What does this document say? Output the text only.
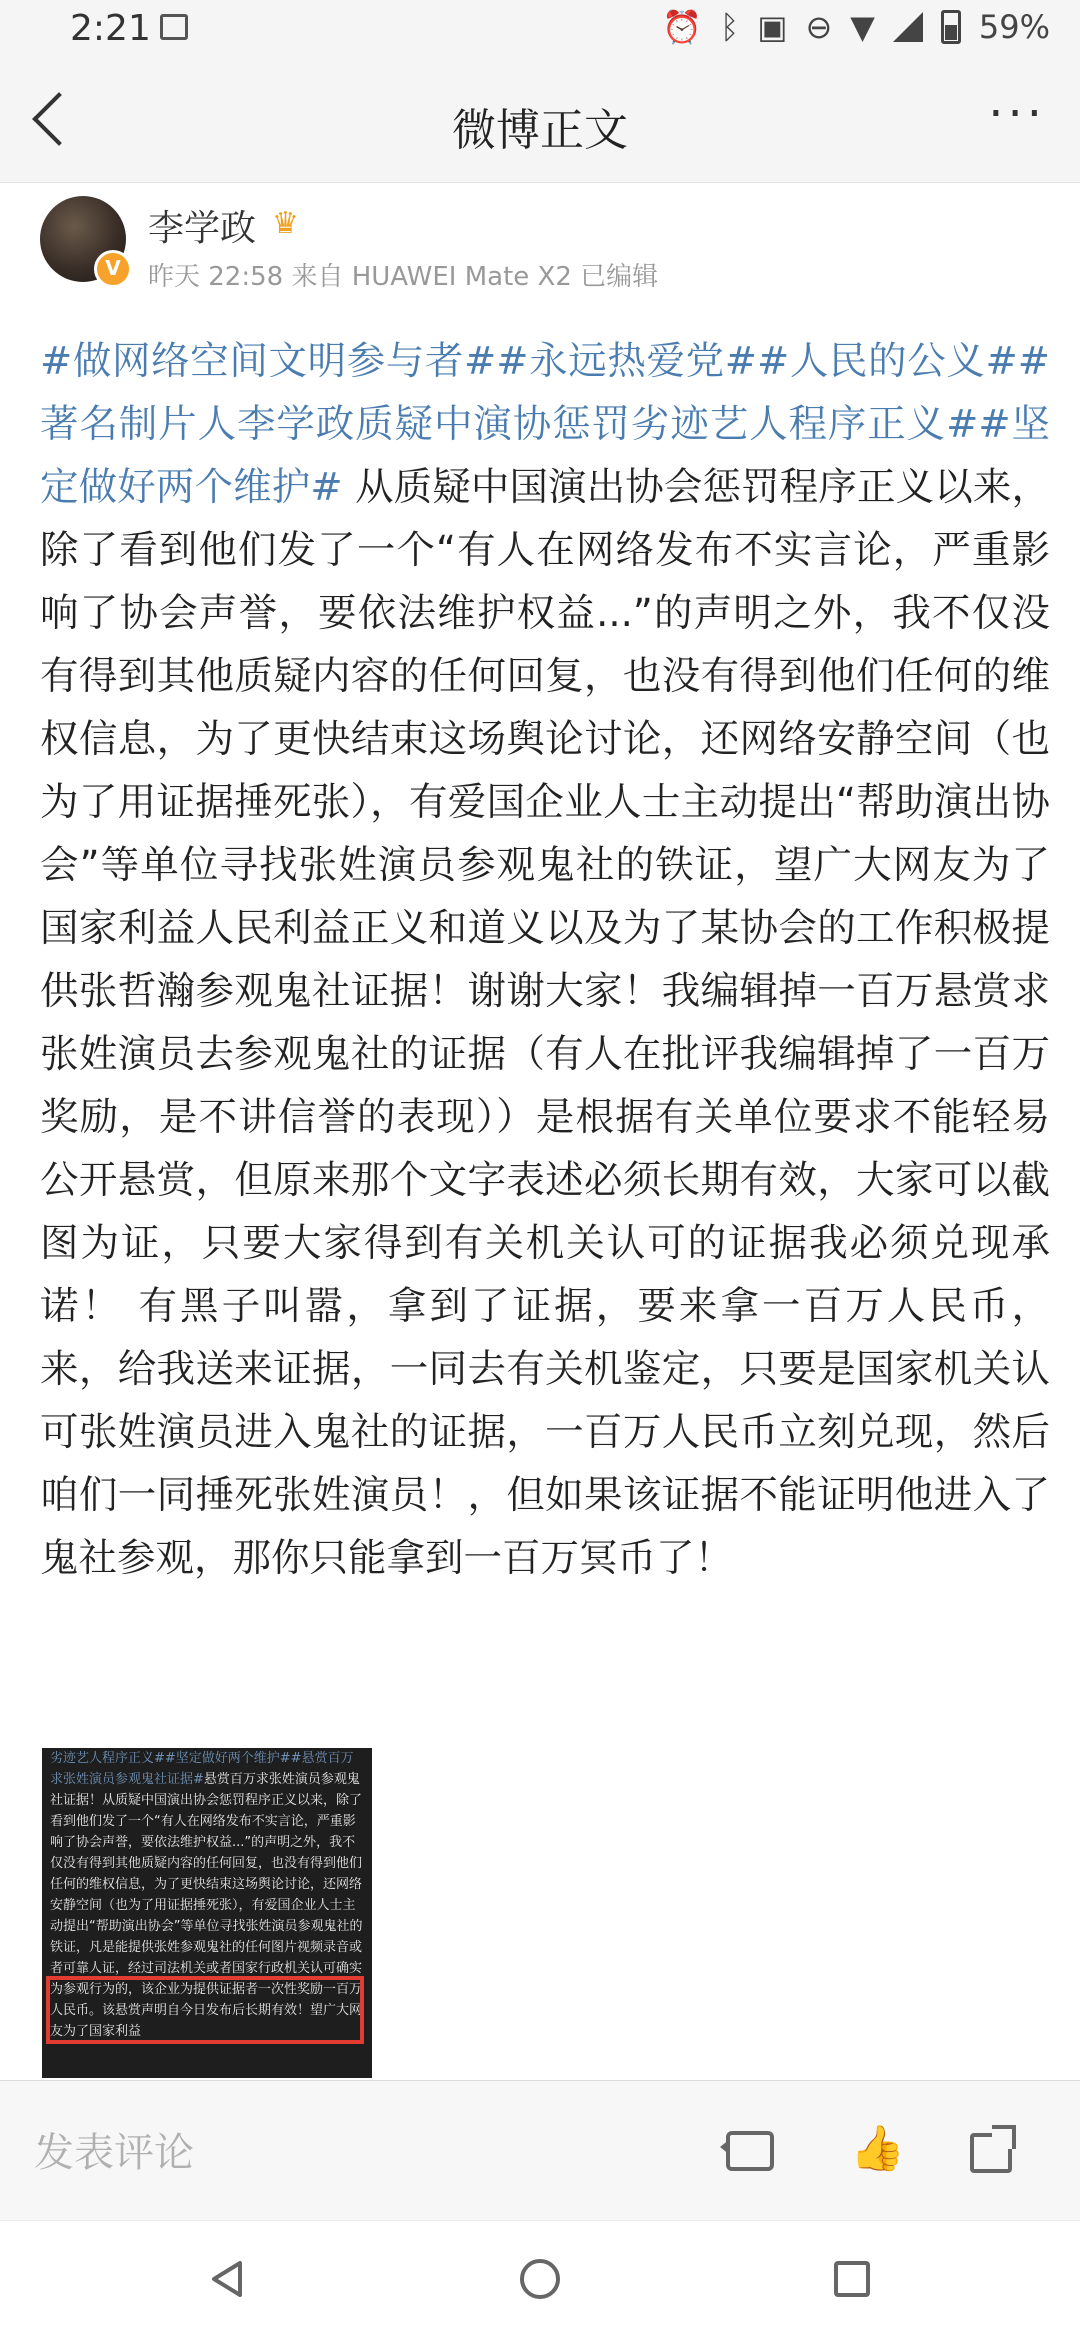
2:21	⏰ ᛒ ▣ ⊖ ▼	59%
微博正文	···
V
李学政 ♛
昨天 22:58 来自 HUAWEI Mate X2 已编辑
#做网络空间文明参与者##永远热爱党##人民的公义##著名制片人李学政质疑中演协惩罚劣迹艺人程序正义##坚定做好两个维护# 从质疑中国演出协会惩罚程序正义以来，除了看到他们发了一个“有人在网络发布不实言论，严重影响了协会声誉，要依法维护权益...”的声明之外，我不仅没有得到其他质疑内容的任何回复，也没有得到他们任何的维权信息，为了更快结束这场舆论讨论，还网络安静空间（也为了用证据捶死张），有爱国企业人士主动提出“帮助演出协会”等单位寻找张姓演员参观鬼社的铁证，望广大网友为了国家利益人民利益正义和道义以及为了某协会的工作积极提供张哲瀚参观鬼社证据！谢谢大家！我编辑掉一百万悬赏求张姓演员去参观鬼社的证据（有人在批评我编辑掉了一百万奖励，是不讲信誉的表现））是根据有关单位要求不能轻易公开悬赏，但原来那个文字表述必须长期有效，大家可以截图为证，只要大家得到有关机关认可的证据我必须兑现承诺！ 有黑子叫嚣，拿到了证据，要来拿一百万人民币，来，给我送来证据，一同去有关机鉴定，只要是国家机关认可张姓演员进入鬼社的证据，一百万人民币立刻兑现，然后咱们一同捶死张姓演员！，但如果该证据不能证明他进入了鬼社参观，那你只能拿到一百万冥币了！
劣迹艺人程序正义##坚定做好两个维护##悬赏百万求张姓演员参观鬼社证据#悬赏百万求张姓演员参观鬼社证据！从质疑中国演出协会惩罚程序正义以来，除了看到他们发了一个“有人在网络发布不实言论，严重影响了协会声誉，要依法维护权益...”的声明之外，我不仅没有得到其他质疑内容的任何回复，也没有得到他们任何的维权信息，为了更快结束这场舆论讨论，还网络安静空间（也为了用证据捶死张），有爱国企业人士主动提出“帮助演出协会”等单位寻找张姓演员参观鬼社的铁证，凡是能提供张姓参观鬼社的任何图片视频录音或者可靠人证，经过司法机关或者国家行政机关认可确实为参观行为的，该企业为提供证据者一次性奖励一百万人民币。该悬赏声明自今日发布后长期有效！望广大网友为了国家利益
发表评论	👍
